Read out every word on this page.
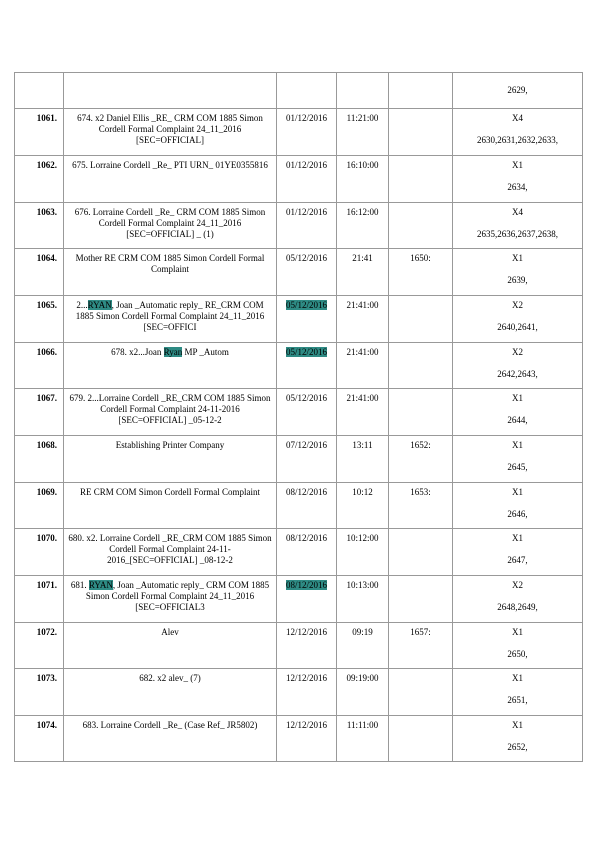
					2629,

1061.	674. x2 Daniel Ellis _RE_ CRM COM 1885 Simon Cordell Formal Complaint 24_11_2016 [SEC=OFFICIAL]	01/12/2016	11:21:00		X4
2630,2631,2632,2633,

1062.	675. Lorraine Cordell _Re_ PTI URN_ 01YE0355816	01/12/2016	16:10:00		X1
2634,

1063.	676. Lorraine Cordell _Re_ CRM COM 1885 Simon Cordell Formal Complaint 24_11_2016 [SEC=OFFICIAL] _ (1)	01/12/2016	16:12:00		X4
2635,2636,2637,2638,

1064.	Mother RE CRM COM 1885 Simon Cordell Formal Complaint	05/12/2016	21:41	1650:	X1
2639,

1065.	2...RYAN, Joan _Automatic reply_ RE_CRM COM 1885 Simon Cordell Formal Complaint 24_11_2016 [SEC=OFFICI	05/12/2016	21:41:00		X2
2640,2641,

1066.	678. x2...Joan Ryan MP _Autom	05/12/2016	21:41:00		X2
2642,2643,

1067.	679. 2...Lorraine Cordell _RE_CRM COM 1885 Simon Cordell Formal Complaint 24-11-2016 [SEC=OFFICIAL] _05-12-2	05/12/2016	21:41:00		X1
2644,

1068.	Establishing Printer Company	07/12/2016	13:11	1652:	X1
2645,

1069.	RE CRM COM Simon Cordell Formal Complaint	08/12/2016	10:12	1653:	X1
2646,

1070.	680. x2. Lorraine Cordell _RE_CRM COM 1885 Simon Cordell Formal Complaint 24-11-2016_[SEC=OFFICIAL] _08-12-2	08/12/2016	10:12:00		X1
2647,

1071.	681. RYAN, Joan _Automatic reply_ CRM COM 1885 Simon Cordell Formal Complaint 24_11_2016 [SEC=OFFICIAL3	08/12/2016	10:13:00		X2
2648,2649,

1072.	Alev	12/12/2016	09:19	1657:	X1
2650,

1073.	682. x2 alev_ (7)	12/12/2016	09:19:00		X1
2651,

1074.	683. Lorraine Cordell _Re_ (Case Ref_ JR5802)	12/12/2016	11:11:00		X1
2652,
